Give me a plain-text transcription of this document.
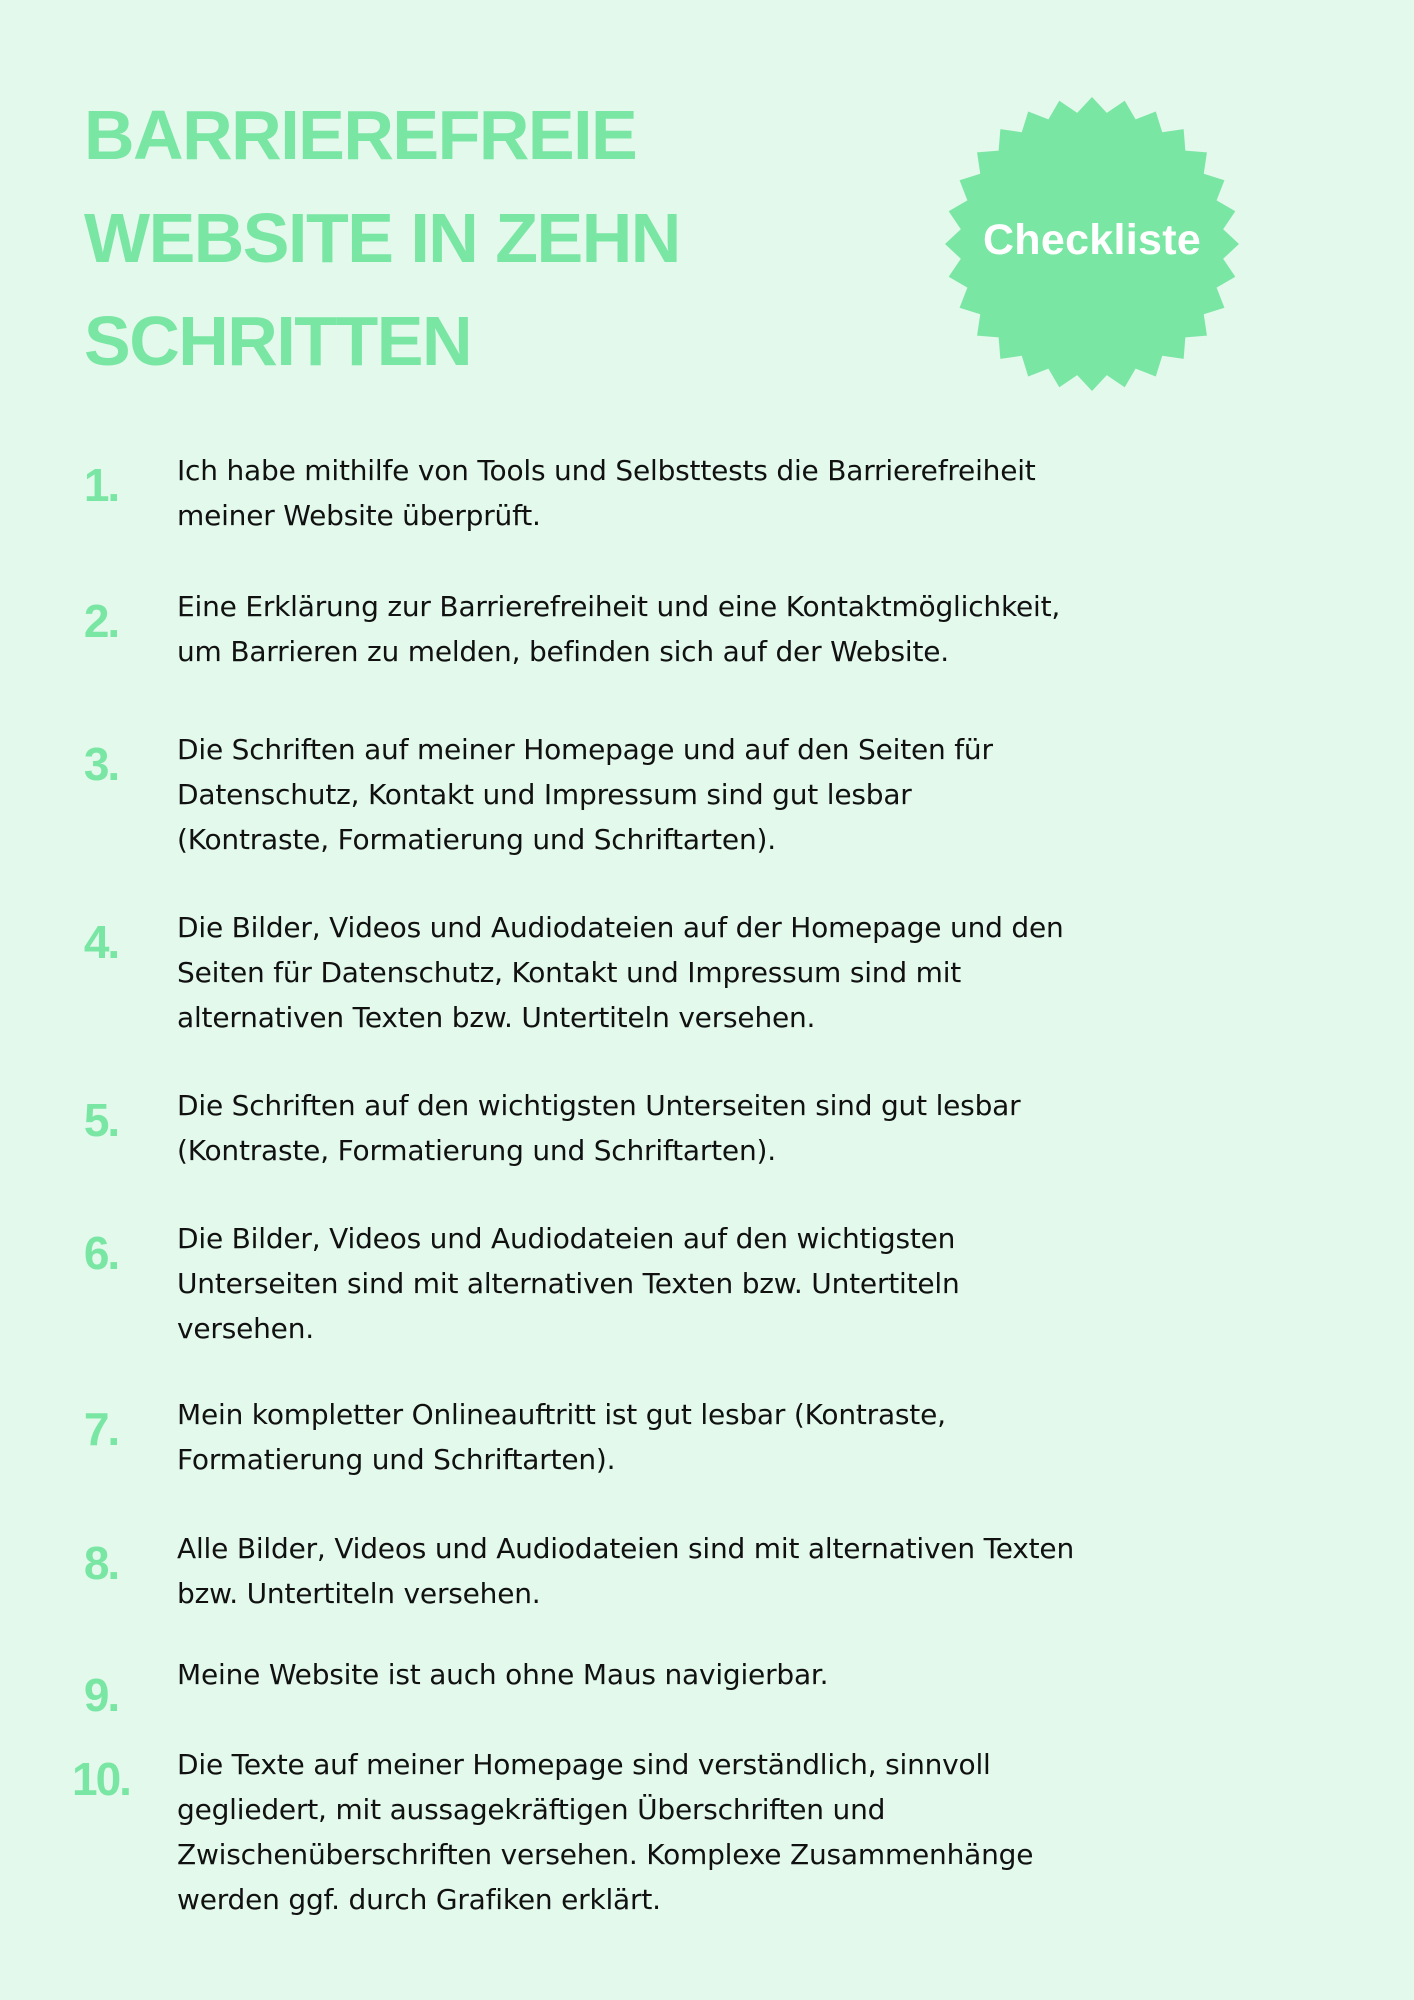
BARRIEREFREIE
WEBSITE IN ZEHN
SCHRITTEN
Checkliste
1.	Ich habe mithilfe von Tools und Selbsttests die Barrierefreiheit
meiner Website überprüft.
2.	Eine Erklärung zur Barrierefreiheit und eine Kontaktmöglichkeit,
um Barrieren zu melden, befinden sich auf der Website.
3.	Die Schriften auf meiner Homepage und auf den Seiten für
Datenschutz, Kontakt und Impressum sind gut lesbar
(Kontraste, Formatierung und Schriftarten).
4.	Die Bilder, Videos und Audiodateien auf der Homepage und den
Seiten für Datenschutz, Kontakt und Impressum sind mit
alternativen Texten bzw. Untertiteln versehen.
5.	Die Schriften auf den wichtigsten Unterseiten sind gut lesbar
(Kontraste, Formatierung und Schriftarten).
6.	Die Bilder, Videos und Audiodateien auf den wichtigsten
Unterseiten sind mit alternativen Texten bzw. Untertiteln
versehen.
7.	Mein kompletter Onlineauftritt ist gut lesbar (Kontraste,
Formatierung und Schriftarten).
8.	Alle Bilder, Videos und Audiodateien sind mit alternativen Texten
bzw. Untertiteln versehen.
9.	Meine Website ist auch ohne Maus navigierbar.
10.	Die Texte auf meiner Homepage sind verständlich, sinnvoll
gegliedert, mit aussagekräftigen Überschriften und
Zwischenüberschriften versehen. Komplexe Zusammenhänge
werden ggf. durch Grafiken erklärt.
